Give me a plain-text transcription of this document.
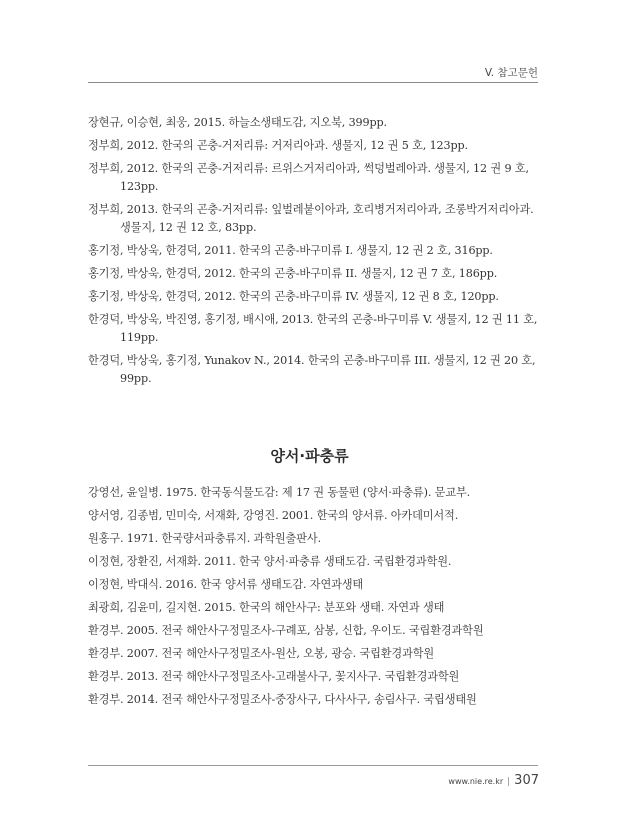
V. 참고문헌

장현규, 이승현, 최웅, 2015. 하늘소생태도감, 지오북, 399pp.

정부희, 2012. 한국의 곤충-거저리류: 거저리아과. 생물지, 12 권 5 호, 123pp.

정부희, 2012. 한국의 곤충-거저리류: 르위스거저리아과, 썩덩벌레아과. 생물지, 12 권 9 호, 123pp.

정부희, 2013. 한국의 곤충-거저리류: 잎벌레붙이아과, 호리병거저리아과, 조롱박거저리아과. 생물지, 12 권 12 호, 83pp.

홍기정, 박상욱, 한경덕, 2011. 한국의 곤충-바구미류 I. 생물지, 12 권 2 호, 316pp.

홍기정, 박상욱, 한경덕, 2012. 한국의 곤충-바구미류 II. 생물지, 12 권 7 호, 186pp.

홍기정, 박상욱, 한경덕, 2012. 한국의 곤충-바구미류 IV. 생물지, 12 권 8 호, 120pp.

한경덕, 박상욱, 박진영, 홍기정, 배시애, 2013. 한국의 곤충-바구미류 V. 생물지, 12 권 11 호, 119pp.

한경덕, 박상욱, 홍기정, Yunakov N., 2014. 한국의 곤충-바구미류 III. 생물지, 12 권 20 호, 99pp.

양서·파충류

강영선, 윤일병. 1975. 한국동식물도감: 제 17 권 동물편 (양서·파충류). 문교부.

양서영, 김종범, 민미숙, 서재화, 강영진. 2001. 한국의 양서류. 아카데미서적.

원홍구. 1971. 한국량서파충류지. 과학원출판사.

이정현, 장환진, 서재화. 2011. 한국 양서·파충류 생태도감. 국립환경과학원.

이정현, 박대식. 2016. 한국 양서류 생태도감. 자연과생태

최광희, 김윤미, 길지현. 2015. 한국의 해안사구: 분포와 생태. 자연과 생태

환경부. 2005. 전국 해안사구정밀조사-구례포, 삼봉, 신합, 우이도. 국립환경과학원

환경부. 2007. 전국 해안사구정밀조사-원산, 오봉, 광승. 국립환경과학원

환경부. 2013. 전국 해안사구정밀조사-고래불사구, 꽃지사구. 국립환경과학원

환경부. 2014. 전국 해안사구정밀조사-중장사구, 다사사구, 송림사구. 국립생태원

www.nie.re.kr | 307
